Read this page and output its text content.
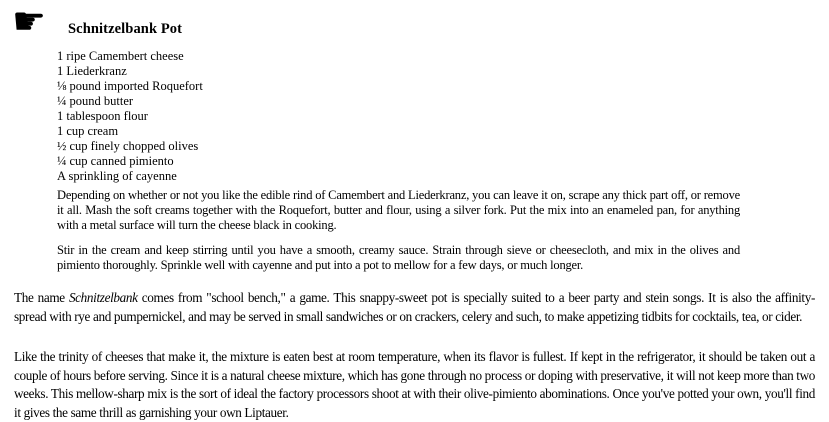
☛ Schnitzelbank Pot
1 ripe Camembert cheese
1 Liederkranz
⅛ pound imported Roquefort
¼ pound butter
1 tablespoon flour
1 cup cream
½ cup finely chopped olives
¼ cup canned pimiento
A sprinkling of cayenne

Depending on whether or not you like the edible rind of Camembert and Liederkranz, you can leave it on, scrape any thick part off, or remove it all. Mash the soft creams together with the Roquefort, butter and flour, using a silver fork. Put the mix into an enameled pan, for anything with a metal surface will turn the cheese black in cooking.

Stir in the cream and keep stirring until you have a smooth, creamy sauce. Strain through sieve or cheesecloth, and mix in the olives and pimiento thoroughly. Sprinkle well with cayenne and put into a pot to mellow for a few days, or much longer.

The name Schnitzelbank comes from "school bench," a game. This snappy-sweet pot is specially suited to a beer party and stein songs. It is also the affinity-spread with rye and pumpernickel, and may be served in small sandwiches or on crackers, celery and such, to make appetizing tidbits for cocktails, tea, or cider.

Like the trinity of cheeses that make it, the mixture is eaten best at room temperature, when its flavor is fullest. If kept in the refrigerator, it should be taken out a couple of hours before serving. Since it is a natural cheese mixture, which has gone through no process or doping with preservative, it will not keep more than two weeks. This mellow-sharp mix is the sort of ideal the factory processors shoot at with their olive-pimiento abominations. Once you've potted your own, you'll find it gives the same thrill as garnishing your own Liptauer.
